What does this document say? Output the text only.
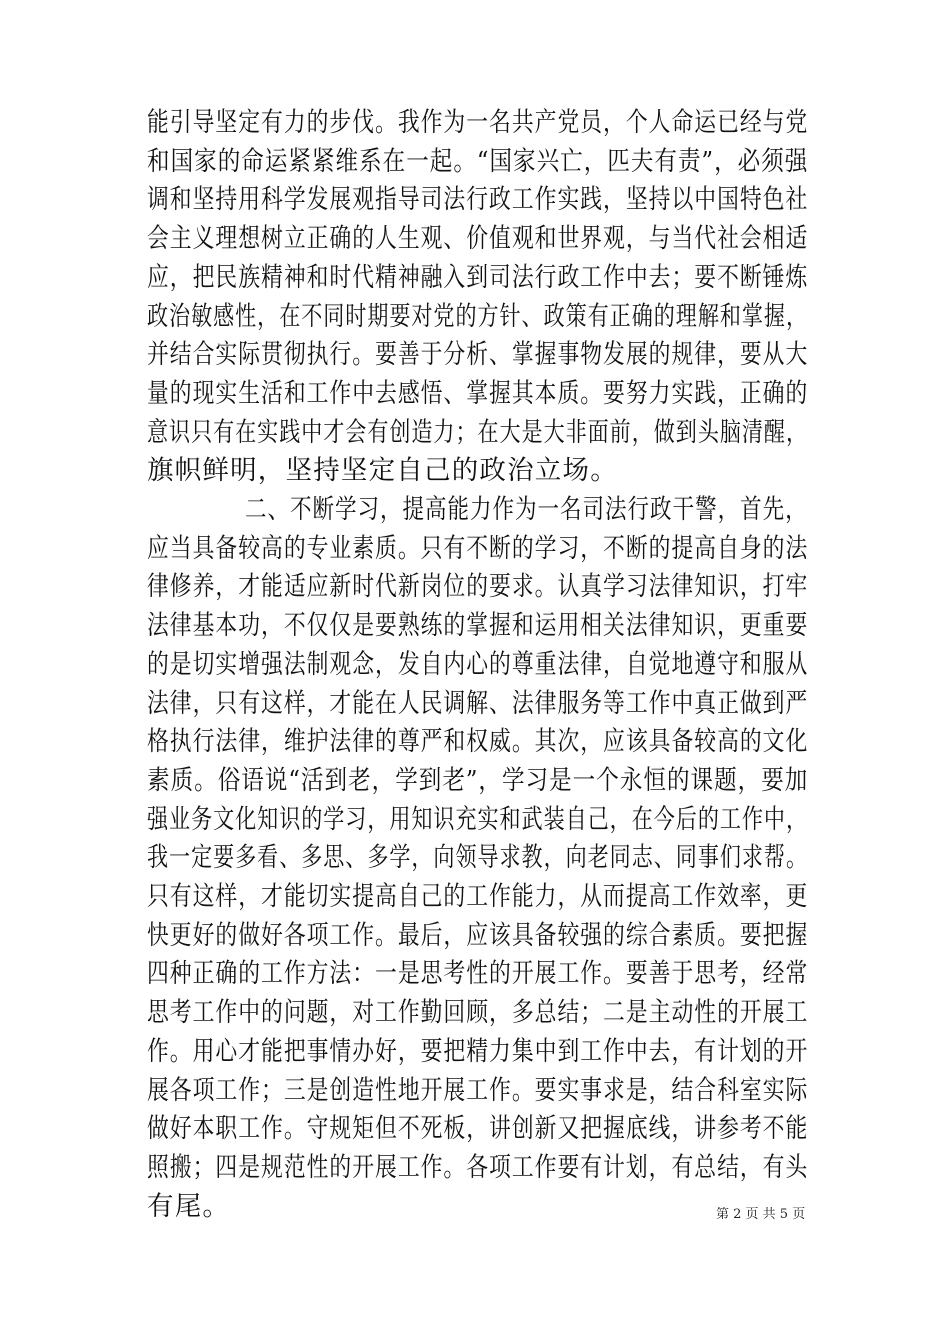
能引导坚定有力的步伐。我作为一名共产党员，个人命运已经与党
和国家的命运紧紧维系在一起。“国家兴亡，匹夫有责”，必须强
调和坚持用科学发展观指导司法行政工作实践，坚持以中国特色社
会主义理想树立正确的人生观、价值观和世界观，与当代社会相适
应，把民族精神和时代精神融入到司法行政工作中去；要不断锤炼
政治敏感性，在不同时期要对党的方针、政策有正确的理解和掌握，
并结合实际贯彻执行。要善于分析、掌握事物发展的规律，要从大
量的现实生活和工作中去感悟、掌握其本质。要努力实践，正确的
意识只有在实践中才会有创造力；在大是大非面前，做到头脑清醒，
旗帜鲜明，坚持坚定自己的政治立场。
二、不断学习，提高能力作为一名司法行政干警，首先，
应当具备较高的专业素质。只有不断的学习，不断的提高自身的法
律修养，才能适应新时代新岗位的要求。认真学习法律知识，打牢
法律基本功，不仅仅是要熟练的掌握和运用相关法律知识，更重要
的是切实增强法制观念，发自内心的尊重法律，自觉地遵守和服从
法律，只有这样，才能在人民调解、法律服务等工作中真正做到严
格执行法律，维护法律的尊严和权威。其次，应该具备较高的文化
素质。俗语说“活到老，学到老”，学习是一个永恒的课题，要加
强业务文化知识的学习，用知识充实和武装自己，在今后的工作中，
我一定要多看、多思、多学，向领导求教，向老同志、同事们求帮。
只有这样，才能切实提高自己的工作能力，从而提高工作效率，更
快更好的做好各项工作。最后，应该具备较强的综合素质。要把握
四种正确的工作方法：一是思考性的开展工作。要善于思考，经常
思考工作中的问题，对工作勤回顾，多总结；二是主动性的开展工
作。用心才能把事情办好，要把精力集中到工作中去，有计划的开
展各项工作；三是创造性地开展工作。要实事求是，结合科室实际
做好本职工作。守规矩但不死板，讲创新又把握底线，讲参考不能
照搬；四是规范性的开展工作。各项工作要有计划，有总结，有头
有尾。	第 2 页 共 5 页
